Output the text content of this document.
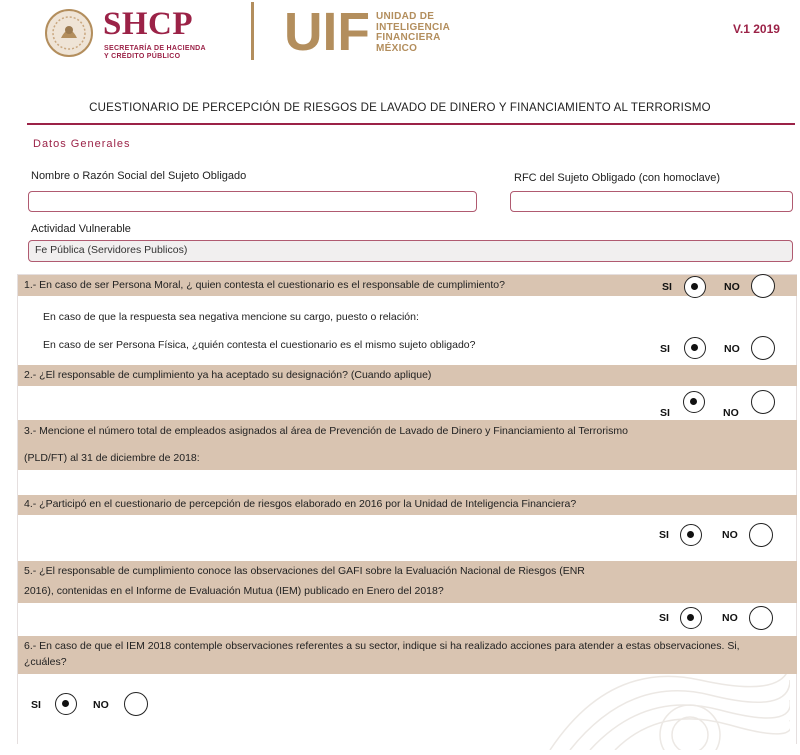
SHCP
SECRETARÍA DE HACIENDA
Y CRÉDITO PÚBLICO	UIF UNIDAD DE
INTELIGENCIA
FINANCIERA
MÉXICO
V.1 2019
CUESTIONARIO DE PERCEPCIÓN DE RIESGOS DE LAVADO DE DINERO Y FINANCIAMIENTO AL TERRORISMO
Datos Generales
Nombre o Razón Social del Sujeto Obligado	RFC del Sujeto Obligado (con homoclave)
Actividad Vulnerable
Fe Pública (Servidores Publicos)
1.- En caso de ser Persona Moral, ¿ quien contesta el cuestionario es el responsable de cumplimiento?	SI	NO
En caso de que la respuesta sea negativa mencione su cargo, puesto o relación:
En caso de ser Persona Física, ¿quién contesta el cuestionario es el mismo sujeto obligado?	SI	NO
2.- ¿El responsable de cumplimiento ya ha aceptado su designación? (Cuando aplique)
SI	NO
3.- Mencione el número total de empleados asignados al área de Prevención de Lavado de Dinero y Financiamiento al Terrorismo
(PLD/FT) al 31 de diciembre de 2018:
4.- ¿Participó en el cuestionario de percepción de riesgos elaborado en 2016 por la Unidad de Inteligencia Financiera?
SI	NO
5.- ¿El responsable de cumplimiento conoce las observaciones del GAFI sobre la Evaluación Nacional de Riesgos (ENR
2016), contenidas en el Informe de Evaluación Mutua (IEM) publicado en Enero del 2018?
SI	NO
6.- En caso de que el IEM 2018 contemple observaciones referentes a su sector, indique si ha realizado acciones para atender a estas observaciones. Si, ¿cuáles?
SI	NO
